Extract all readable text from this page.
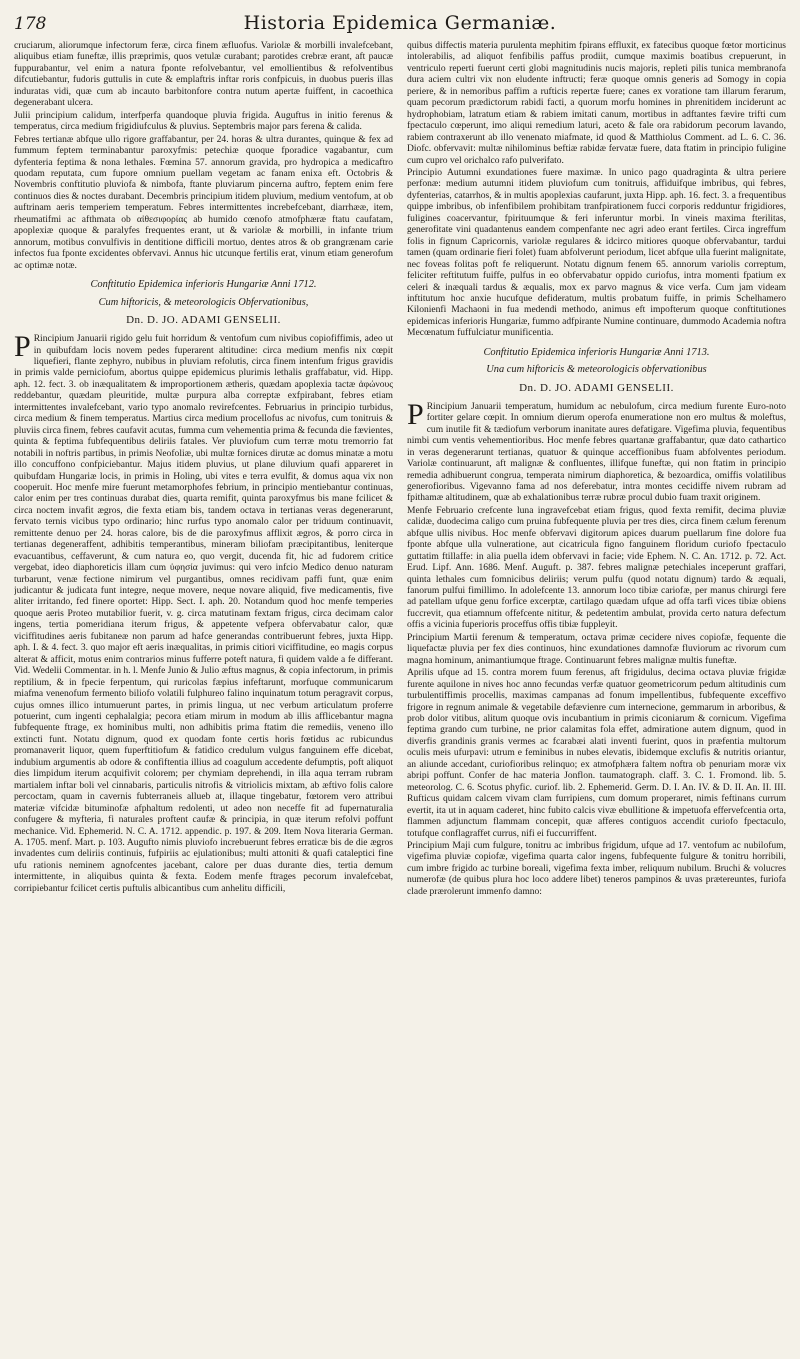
178	Historia Epidemica Germaniæ.

cruciarum, aliorumque infectorum feræ, circa finem æfluofus. Variolæ & morbilli invalefcebant, aliquibus etiam funeftæ, illis præprimis, quos vetulæ curabant; parotides crebræ erant, aft paucæ fuppurabantur, vel enim a natura fponte refolvebantur, vel emollientibus & refolventibus difcutiebantur, fudoris guttulis in cute & emplaftris inftar roris confpicuis, in duobus pueris illas induratas vidi, quæ cum ab incauto barbitonfore contra nutum apertæ fuiffent, in cacoethica degenerabant ulcera.

Julii principium calidum, interfperfa quandoque pluvia frigida. Auguftus in initio ferenus & temperatus, circa medium frigidiufculus & pluvius. Septembris major pars ferena & calida.

Febres tertianæ abfque ullo rigore graffabantur, per 24. horas & ultra durantes, quinque & fex ad fummum feptem terminabantur paroxyfmis: petechiæ quoque fporadice vagabantur, cum dyfenteria feptima & nona lethales. Fœmina 57. annorum gravida, pro hydropica a medicaftro quodam reputata, cum fupore omnium puellam vegetam ac fanam enixa eft. Octobris & Novembris conftitutio pluviofa & nimbofa, ftante pluviarum pincerna auftro, feptem enim fere continuos dies & noctes durabant. Decembris principium itidem pluvium, medium ventofum, at ob auftrinam aeris temperiem temperatum. Febres intermittentes increbefcebant, diarrhææ, item, rheumatifmi ac afthmata ob αἰθεσιφορίας ab humido cœnofo atmofphæræ ftatu caufatam, apoplexiæ quoque & paralyfes frequentes erant, ut & variolæ & morbilli, in infante trium annorum, motibus convulfivis in dentitione difficili mortuo, dentes atros & ob grangrænam carie infectos fua fponte excidentes obfervavi. Annus hic utcunque fertilis erat, vinum etiam generofum ac optimæ notæ.

Conftitutio Epidemica inferioris Hungariæ Anni 1712.
Cum hiftoricis, & meteorologicis Obfervationibus,
Dn. D. JO. ADAMI GENSELII.

P Rincipium Januarii rigido gelu fuit horridum & ventofum cum nivibus copiofiffimis, adeo ut in quibufdam locis novem pedes fuperarent altitudine: circa medium menfis nix cœpit liquefieri, flante zephyro, nubibus in pluviam refolutis, circa finem intenfum frigus gravidis in primis valde perniciofum, abortus quippe epidemicus plurimis lethalis graffabatur, vid. Hipp. aph. 12. fect. 3. ob inæqualitatem & improportionem ætheris, quædam apoplexia tactæ ἀφώνους reddebantur, quædam pleuritide, multæ purpura alba correptæ exfpirabant, febres etiam intermittentes invalefcebant, vario typo anomalo revirefcentes. Februarius in principio turbidus, circa medium & finem temperatus. Martius circa medium procellofus ac nivofus, cum tonitruis & pluviis circa finem, febres caufavit acutas, fumma cum vehementia prima & fecunda die fævientes, quinta & feptima fubfequentibus deliriis fatales. Ver pluviofum cum terræ motu tremorrio fat notabili in noftris partibus, in primis Neofoliæ, ubi multæ fornices dirutæ ac domus minatæ a motu illo concuffono confpiciebantur. Majus itidem pluvius, ut plane diluvium quafi appareret in quibufdam Hungariæ locis, in primis in Holing, ubi vites e terra evulfit, & domus aqua vix non cooperuit. Hoc menfe mire fuerunt metamorphofes febrium, in principio mentiebantur continuas, calor enim per tres continuas durabat dies, quarta remifit, quinta paroxyfmus bis mane fcilicet & circa noctem invafit ægros, die fexta etiam bis, tandem octava in tertianas veras degenerarunt, fervato ternis vicibus typo ordinario; hinc rurfus typo anomalo calor per triduum continuavit, remittente denuo per 24. horas calore, bis de die paroxyfmus afflixit ægros, & porro circa in tertianas degeneraffent, adhibitis temperantibus, mineram biliofam præcipitantibus, leniterque evacuantibus, ceffaverunt, & cum natura eo, quo vergit, ducenda fit, hic ad fudorem critice vergebat, ideo diaphoreticis illam cum ὑφησία juvimus: qui vero infcio Medico denuo naturam turbarunt, venæ fectione nimirum vel purgantibus, omnes recidivam paffi funt, quæ enim judicantur & judicata funt integre, neque movere, neque novare aliquid, five medicamentis, five aliter irritando, fed finere oportet: Hipp. Sect. I. aph. 20. Notandum quod hoc menfe temperies quoque aeris Proteo mutabilior fuerit, v. g. circa matutinam fextam frigus, circa decimam calor ingens, tertia pomeridiana iterum frigus, & appetente vefpera obfervabatur calor, quæ viciffitudines aeris fubitaneæ non parum ad hafce generandas contribuerunt febres, juxta Hipp. aph. I. & 4. fect. 3. quo major eft aeris inæqualitas, in primis citiori viciffitudine, eo magis corpus alterat & afficit, motus enim contrarios minus fufferre poteft natura, fi quidem valde a fe differant. Vid. Wedelii Commentar. in h. l. Menfe Junio & Julio æftus magnus, & copia infectorum, in primis reptilium, & in fpecie ferpentum, qui ruricolas fæpius infeftarunt, morfuque communicarum miafma venenofum fermento biliofo volatili fulphureo falino inquinatum totum peragravit corpus, cujus omnes illico intumuerunt partes, in primis lingua, ut nec verbum articulatum proferre potuerint, cum ingenti cephalalgia; pecora etiam mirum in modum ab illis afflicebantur magna fubfequente ftrage, ex hominibus multi, non adhibitis prima ftatim die remediis, veneno illo extincti funt. Notatu dignum, quod ex quodam fonte certis horis fœtidus ac rubicundus promanaverit liquor, quem fuperftitiofum & fatidico credulum vulgus fanguinem effe dicebat, indubium argumentis ab odore & confiftentia illius ad coagulum accedente defumptis, poft aliquot dies limpidum iterum acquifivit colorem; per chymiam deprehendi, in illa aqua terram rubram martialem inftar boli vel cinnabaris, particulis nitrofis & vitriolicis mixtam, ab æftivo folis calore percoctam, quam in cavernis fubterraneis allueb at, illaque tingebatur, fœtorem vero attribui materiæ vifcidæ bituminofæ afphaltum redolenti, ut adeo non neceffe fit ad fupernaturalia confugere & myfteria, fi naturales proftent caufæ & principia, in quæ iterum refolvi poffunt mechanice. Vid. Ephemerid. N. C. A. 1712. appendic. p. 197. & 209. Item Nova literaria German. A. 1705. menf. Mart. p. 103. Augufto nimis pluviofo increbuerunt febres erraticæ bis de die ægros invadentes cum deliriis continuis, fufpiriis ac ejulationibus; multi attoniti & quafi cataleptici fine ufu rationis neminem agnofcentes jacebant, calore per duas durante dies, tertia demum intermittente, in aliquibus quinta & fexta. Eodem menfe ftrages pecorum invalefcebat, corripiebantur fcilicet certis puftulis albicantibus cum anhelitu difficili,

quibus diffectis materia purulenta mephitim fpirans effluxit, ex fatecibus quoque fœtor morticinus intolerabilis, ad aliquot fenfibilis paffus prodiit, cumque maximis boatibus crepuerunt, in ventriculo reperti fuerunt certi globi magnitudinis nucis majoris, repleti pilis tunica membranofa dura aciem cultri vix non eludente inftructi; feræ quoque omnis generis ad Somogy in copia periere, & in nemoribus paffim a rufticis repertæ fuere; canes ex voratione tam illarum ferarum, quam pecorum prædictorum rabidi facti, a quorum morfu homines in phrenitidem inciderunt ac hydrophobiam, latratum etiam & rabiem imitati canum, mortibus in adftantes fævire trifti cum fpectaculo cœperunt, imo aliqui remedium laturi, aceto & fale ora rabidorum pecorum lavando, rabiem contraxerunt ab illo venenato miafmate, id quod & Matthiolus Comment. ad L. 6. C. 36. Diofc. obfervavit: multæ nihilominus beftiæ rabidæ fervatæ fuere, data ftatim in principio fuligine cum cupro vel orichalco rafo pulverifato.

Principio Autumni exundationes fuere maximæ. In unico pago quadraginta & ultra periere perfonæ: medium autumni itidem pluviofum cum tonitruis, affiduifque imbribus, qui febres, dyfenterias, catarrhos, & in multis apoplexias caufarunt, juxta Hipp. aph. 16. fect. 3. a frequentibus quippe imbribus, ob infenfibilem prohibitam tranfpirationem fucci corporis redduntur frigidiores, fuligines coacervantur, fpirituumque & feri inferuntur morbi. In vineis maxima fterilitas, generofitate vini quadantenus eandem compenfante nec agri adeo erant fertiles. Circa ingreffum folis in fignum Capricornis, variolæ regulares & idcirco mitiores quoque obfervabantur, tardui tamen (quam ordinarie fieri folet) fuam abfolverunt periodum, licet abfque ulla fuerint malignitate, nec foveas folitas poft fe reliquerunt. Notatu dignum fenem 65. annorum variolis correptum, feliciter reftitutum fuiffe, pulfus in eo obfervabatur oppido curiofus, intra momenti fpatium ex celeri & inæquali tardus & æqualis, mox ex parvo magnus & vice verfa. Cum jam videam inftitutum hoc anxie hucufque defideratum, multis probatum fuiffe, in primis Schelhamero Kilonienfi Machaoni in fua medendi methodo, animus eft impofterum quoque conftitutiones epidemicas inferioris Hungariæ, fummo adfpirante Numine continuare, dummodo Academia noftra Mecœnatum fuffulciatur munificentia.

Conftitutio Epidemica inferioris Hungariæ Anni 1713.
Una cum hiftoricis & meteorologicis obfervationibus
Dn. D. JO. ADAMI GENSELII.

P Rincipium Januarii temperatum, humidum ac nebulofum, circa medium furente Euro-noto fortiter gelare cœpit. In omnium dierum operofa enumeratione non ero multus & moleftus, cum inutile fit & tædiofum verborum inanitate aures defatigare. Vigefima pluvia, fequentibus nimbi cum ventis vehementioribus. Hoc menfe febres quartanæ graffabantur, quæ dato cathartico in veras degenerarunt tertianas, quatuor & quinque acceffionibus fuam abfolventes periodum. Variolæ continuarunt, aft malignæ & confluentes, illifque funeftæ, qui non ftatim in principio remedia adhibuerunt congrua, temperata nimirum diaphoretica, & bezoardica, omiffis volatilibus generofioribus. Vigevanno fama ad nos deferebatur, intra montes cecidiffe nivem rubram ad fpithamæ altitudinem, quæ ab exhalationibus terræ rubræ procul dubio fuam traxit originem.

Menfe Februario crefcente luna ingravefcebat etiam frigus, quod fexta remifit, decima pluviæ calidæ, duodecima caligo cum pruina fubfequente pluvia per tres dies, circa finem cælum ferenum abfque ullis nivibus. Hoc menfe obfervavi digitorum apices duarum puellarum fine dolore fua fponte abfque ulla vulneratione, aut cicatricula figno fanguinem floridum curiofo fpectaculo guttatim ftillaffe: in alia puella idem obfervavi in facie; vide Ephem. N. C. An. 1712. p. 72. Act. Erud. Lipf. Ann. 1686. Menf. Auguft. p. 387. febres malignæ petechiales inceperunt graffari, quinta lethales cum fomnicibus deliriis; verum pulfu (quod notatu dignum) tardo & æquali, fanorum pulfui fimillimo. In adolefcente 13. annorum loco tibiæ cariofæ, per manus chirurgi fere ad patellam ufque genu forfice excerptæ, cartilago quædam ufque ad offa tarfi vices tibiæ obiens fuccrevit, qua etiamnum offefcente nititur, & pedetentim ambulat, provida certo natura defectum offis a vicinia fuperioris proceffus offis tibiæ fuppleyit.

Principium Martii ferenum & temperatum, octava primæ cecidere nives copiofæ, fequente die liquefactæ pluvia per fex dies continuos, hinc exundationes damnofæ fluviorum ac rivorum cum magna hominum, animantiumque ftrage. Continuarunt febres malignæ multis funeftæ.

Aprilis ufque ad 15. contra morem fuum ferenus, aft frigidulus, decima octava pluviæ frigidæ furente aquilone in nives hoc anno fecundas verfæ quatuor geometricorum pedum altitudinis cum turbulentiffimis procellis, maximas campanas ad fonum impellentibus, fubfequente exceffivo frigore in regnum animale & vegetabile defævienre cum internecione, gemmarum in arboribus, & prob dolor vitibus, alitum quoque ovis incubantium in primis ciconiarum & cornicum. Vigefima feptima grando cum turbine, ne prior calamitas fola effet, admiratione autem dignum, quod in diverfis grandinis granis vermes ac fcarabæi alati inventi fuerint, quos in præfentia multorum oculis meis ufurpavi: utrum e feminibus in nubes elevatis, ibidemque exclufis & nutritis oriantur, an aliunde accedant, curiofioribus relinquo; ex atmofphæra faltem noftra ob penuriam moræ vix abripi poffunt. Confer de hac materia Jonflon. taumatograph. claff. 3. C. 1. Fromond. lib. 5. meteorolog. C. 6. Scotus phyfic. curiof. lib. 2. Ephemerid. Germ. D. I. An. IV. & D. II. An. II. III. Rufticus quidam calcem vivam clam furripiens, cum domum properaret, nimis feftinans currum evertit, ita ut in aquam caderet, hinc fubito calcis vivæ ebullitione & impetuofa effervefcentia orta, flammen adjunctum flammam concepit, quæ afferes contiguos accendit curiofo fpectaculo, totufque conflagraffet currus, nifi ei fuccurriffent.

Principium Maji cum fulgure, tonitru ac imbribus frigidum, ufque ad 17. ventofum ac nubilofum, vigefima pluviæ copiofæ, vigefima quarta calor ingens, fubfequente fulgure & tonitru horribili, cum imbre frigido ac turbine boreali, vigefima fexta imber, reliquum nubilum. Bruchi & volucres numerofæ (de quibus plura hoc loco addere libet) teneros pampinos & uvas prætereuntes, furiofa clade prærolerunt immenfo damno:
